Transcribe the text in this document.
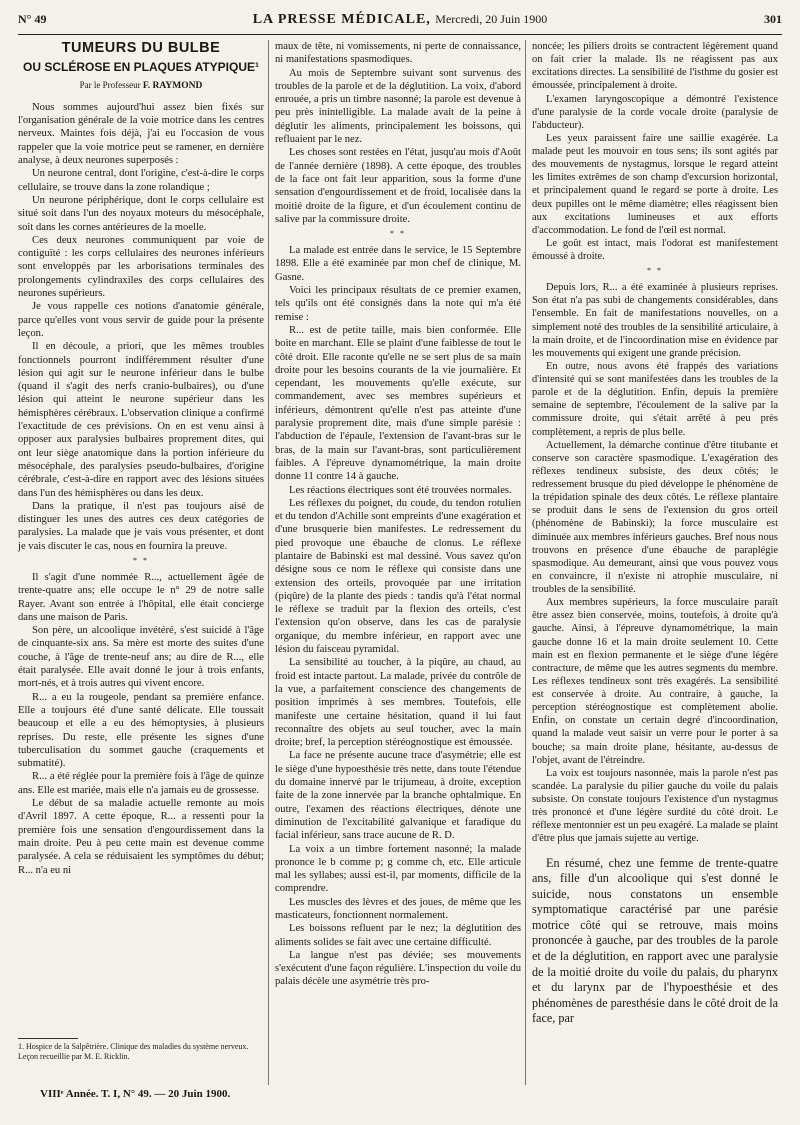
N° 49	LA PRESSE MÉDICALE, Mercredi, 20 Juin 1900	301
TUMEURS DU BULBE
OU SCLÉROSE EN PLAQUES ATYPIQUE¹
Par le Professeur F. RAYMOND

Nous sommes aujourd'hui assez bien fixés sur l'organisation générale de la voie motrice dans les centres nerveux. Maintes fois déjà, j'ai eu l'occasion de vous rappeler que la voie motrice peut se ramener, en dernière analyse, à deux neurones superposés :

Un neurone central, dont l'origine, c'est-à-dire le corps cellulaire, se trouve dans la zone rolandique ;

Un neurone périphérique, dont le corps cellulaire est situé soit dans l'un des noyaux moteurs du mésocéphale, soit dans les cornes antérieures de la moelle.

Ces deux neurones communiquent par voie de contiguïté : les corps cellulaires des neurones inférieurs sont enveloppés par les arborisations terminales des prolongements cylindraxiles des corps cellulaires des neurones supérieurs.

Je vous rappelle ces notions d'anatomie générale, parce qu'elles vont vous servir de guide pour la présente leçon.

Il en découle, a priori, que les mêmes troubles fonctionnels pourront indifféremment résulter d'une lésion qui agit sur le neurone inférieur dans le bulbe (quand il s'agit des nerfs cranio-bulbaires), ou d'une lésion qui atteint le neurone supérieur dans les hémisphères cérébraux. L'observation clinique a confirmé l'exactitude de ces prévisions. On en est venu ainsi à opposer aux paralysies bulbaires proprement dites, qui ont leur siège anatomique dans la portion inférieure du mésocéphale, des paralysies pseudo-bulbaires, d'origine cérébrale, c'est-à-dire en rapport avec des lésions situées dans l'un des hémisphères ou dans les deux.

Dans la pratique, il n'est pas toujours aisé de distinguer les unes des autres ces deux catégories de paralysies. La malade que je vais vous présenter, et dont je vais discuter le cas, nous en fournira la preuve.

* *

Il s'agit d'une nommée R..., actuellement âgée de trente-quatre ans; elle occupe le n° 29 de notre salle Rayer. Avant son entrée à l'hôpital, elle était concierge dans une maison de Paris.

Son père, un alcoolique invétéré, s'est suicidé à l'âge de cinquante-six ans. Sa mère est morte des suites d'une couche, à l'âge de trente-neuf ans; au dire de R..., elle était paralysée. Elle avait donné le jour à trois enfants, mort-nés, et à trois autres qui vivent encore.

R... a eu la rougeole, pendant sa première enfance. Elle a toujours été d'une santé délicate. Elle toussait beaucoup et elle a eu des hémoptysies, à plusieurs reprises. Du reste, elle présente les signes d'une tuberculisation du sommet gauche (craquements et submatité).

R... a été réglée pour la première fois à l'âge de quinze ans. Elle est mariée, mais elle n'a jamais eu de grossesse.

Le début de sa maladie actuelle remonte au mois d'Avril 1897. A cette époque, R... a ressenti pour la première fois une sensation d'engourdissement dans la main droite. Peu à peu cette main est devenue comme paralysée. A cela se réduisaient les symptômes du début; R... n'a eu ni

maux de tête, ni vomissements, ni perte de connaissance, ni manifestations spasmodiques.

Au mois de Septembre suivant sont survenus des troubles de la parole et de la déglutition. La voix, d'abord enrouée, a pris un timbre nasonné; la parole est devenue à peu près inintelligible. La malade avait de la peine à déglutir les aliments, principalement les boissons, qui refluaient par le nez.

Les choses sont restées en l'état, jusqu'au mois d'Août de l'année dernière (1898). A cette époque, des troubles de la face ont fait leur apparition, sous la forme d'une sensation d'engourdissement et de froid, localisée dans la moitié droite de la figure, et d'un écoulement continu de salive par la commissure droite.

* *

La malade est entrée dans le service, le 15 Septembre 1898. Elle a été examinée par mon chef de clinique, M. Gasne.

Voici les principaux résultats de ce premier examen, tels qu'ils ont été consignés dans la note qui m'a été remise :

R... est de petite taille, mais bien conformée. Elle boite en marchant. Elle se plaint d'une faiblesse de tout le côté droit. Elle raconte qu'elle ne se sert plus de sa main droite pour les besoins courants de la vie journalière. Et cependant, les mouvements qu'elle exécute, sur commandement, avec ses membres supérieurs et inférieurs, démontrent qu'elle n'est pas atteinte d'une paralysie proprement dite, mais d'une simple parésie : l'abduction de l'épaule, l'extension de l'avant-bras sur le bras, de la main sur l'avant-bras, sont particulièrement faibles. A l'épreuve dynamométrique, la main droite donne 11 contre 14 à gauche.

Les réactions électriques sont été trouvées normales.

Les réflexes du poignet, du coude, du tendon rotulien et du tendon d'Achille sont empreints d'une exagération et d'une brusquerie bien manifestes. Le redressement du pied provoque une ébauche de clonus. Le réflexe plantaire de Babinski est mal dessiné. Vous savez qu'on désigne sous ce nom le réflexe qui consiste dans une extension des orteils, provoquée par une irritation (piqûre) de la plante des pieds : tandis qu'à l'état normal le réflexe se traduit par la flexion des orteils, c'est l'extension qu'on observe, dans les cas de paralysie organique, du membre inférieur, en rapport avec une lésion du faisceau pyramidal.

La sensibilité au toucher, à la piqûre, au chaud, au froid est intacte partout. La malade, privée du contrôle de la vue, a parfaitement conscience des changements de position imprimés à ses membres. Toutefois, elle manifeste une certaine hésitation, quand il lui faut reconnaître des objets au seul toucher, avec la main droite; bref, la perception stéréognostique est émoussée.

La face ne présente aucune trace d'asymétrie; elle est le siège d'une hypoesthésie très nette, dans toute l'étendue du domaine innervé par le trijumeau, à droite, exception faite de la zone innervée par la branche ophtalmique. En outre, l'examen des réactions électriques, dénote une diminution de l'excitabilité galvanique et faradique du facial inférieur, sans trace aucune de R. D.

La voix a un timbre fortement nasonné; la malade prononce le b comme p; g comme ch, etc. Elle articule mal les syllabes; aussi est-il, par moments, difficile de la comprendre.

Les muscles des lèvres et des joues, de même que les masticateurs, fonctionnent normalement.

Les boissons refluent par le nez; la déglutition des aliments solides se fait avec une certaine difficulté.

La langue n'est pas déviée; ses mouvements s'exécutent d'une façon régulière. L'inspection du voile du palais décèle une asymétrie très pro-

noncée; les piliers droits se contractent légèrement quand on fait crier la malade. Ils ne réagissent pas aux excitations directes. La sensibilité de l'isthme du gosier est émoussée, principalement à droite.

L'examen laryngoscopique a démontré l'existence d'une paralysie de la corde vocale droite (paralysie de l'abducteur).

Les yeux paraissent faire une saillie exagérée. La malade peut les mouvoir en tous sens; ils sont agités par des mouvements de nystagmus, lorsque le regard atteint les limites extrêmes de son champ d'excursion horizontal, et principalement quand le regard se porte à droite. Les deux pupilles ont le même diamètre; elles réagissent bien aux excitations lumineuses et aux efforts d'accommodation. Le fond de l'œil est normal.

Le goût est intact, mais l'odorat est manifestement émoussé à droite.

* *

Depuis lors, R... a été examinée à plusieurs reprises. Son état n'a pas subi de changements considérables, dans l'ensemble. En fait de manifestations nouvelles, on a simplement noté des troubles de la sensibilité articulaire, à la main droite, et de l'incoordination mise en évidence par les mouvements qui exigent une grande précision.

En outre, nous avons été frappés des variations d'intensité qui se sont manifestées dans les troubles de la parole et de la déglutition. Enfin, depuis la première semaine de septembre, l'écoulement de la salive par la commissure droite, qui s'était arrêté à peu près complètement, a repris de plus belle.

Actuellement, la démarche continue d'être titubante et conserve son caractère spasmodique. L'exagération des réflexes tendineux subsiste, des deux côtés; le redressement brusque du pied développe le phénomène de la trépidation spinale des deux côtés. Le réflexe plantaire se produit dans le sens de l'extension du gros orteil (phénomène de Babinski); la force musculaire est diminuée aux membres inférieurs gauches. Bref nous nous trouvons en présence d'une ébauche de paraplégie spasmodique. Au demeurant, ainsi que vous pouvez vous en convaincre, il n'existe ni atrophie musculaire, ni troubles de la sensibilité.

Aux membres supérieurs, la force musculaire paraît être assez bien conservée, moins, toutefois, à droite qu'à gauche. Ainsi, à l'épreuve dynamométrique, la main gauche donne 16 et la main droite seulement 10. Cette main est en flexion permanente et le siège d'une légère contracture, de même que les autres segments du membre. Les réflexes tendineux sont très exagérés. La sensibilité est conservée à droite. Au contraire, à gauche, la perception stéréognostique est complètement abolie. Enfin, on constate un certain degré d'incoordination, quand la malade veut saisir un verre pour le porter à sa bouche; sa main droite plane, hésitante, au-dessus de l'objet, avant de l'étreindre.

La voix est toujours nasonnée, mais la parole n'est pas scandée. La paralysie du pilier gauche du voile du palais subsiste. On constate toujours l'existence d'un nystagmus très prononcé et d'une légère surdité du côté droit. Le réflexe mentonnier est un peu exagéré. La malade se plaint d'être plus que jamais sujette au vertige.

En résumé, chez une femme de trente-quatre ans, fille d'un alcoolique qui s'est donné le suicide, nous constatons un ensemble symptomatique caractérisé par une parésie motrice côté qui se retrouve, mais moins prononcée à gauche, par des troubles de la parole et de la déglutition, en rapport avec une paralysie de la moitié droite du voile du palais, du pharynx et du larynx par de l'hypoesthésie et des phénomènes de paresthésie dans le côté droit de la face, par

1. Hospice de la Salpêtrière. Clinique des maladies du système nerveux. Leçon recueillie par M. E. Ricklin.
VIIIᵉ Année. T. I, N° 49. — 20 Juin 1900.
